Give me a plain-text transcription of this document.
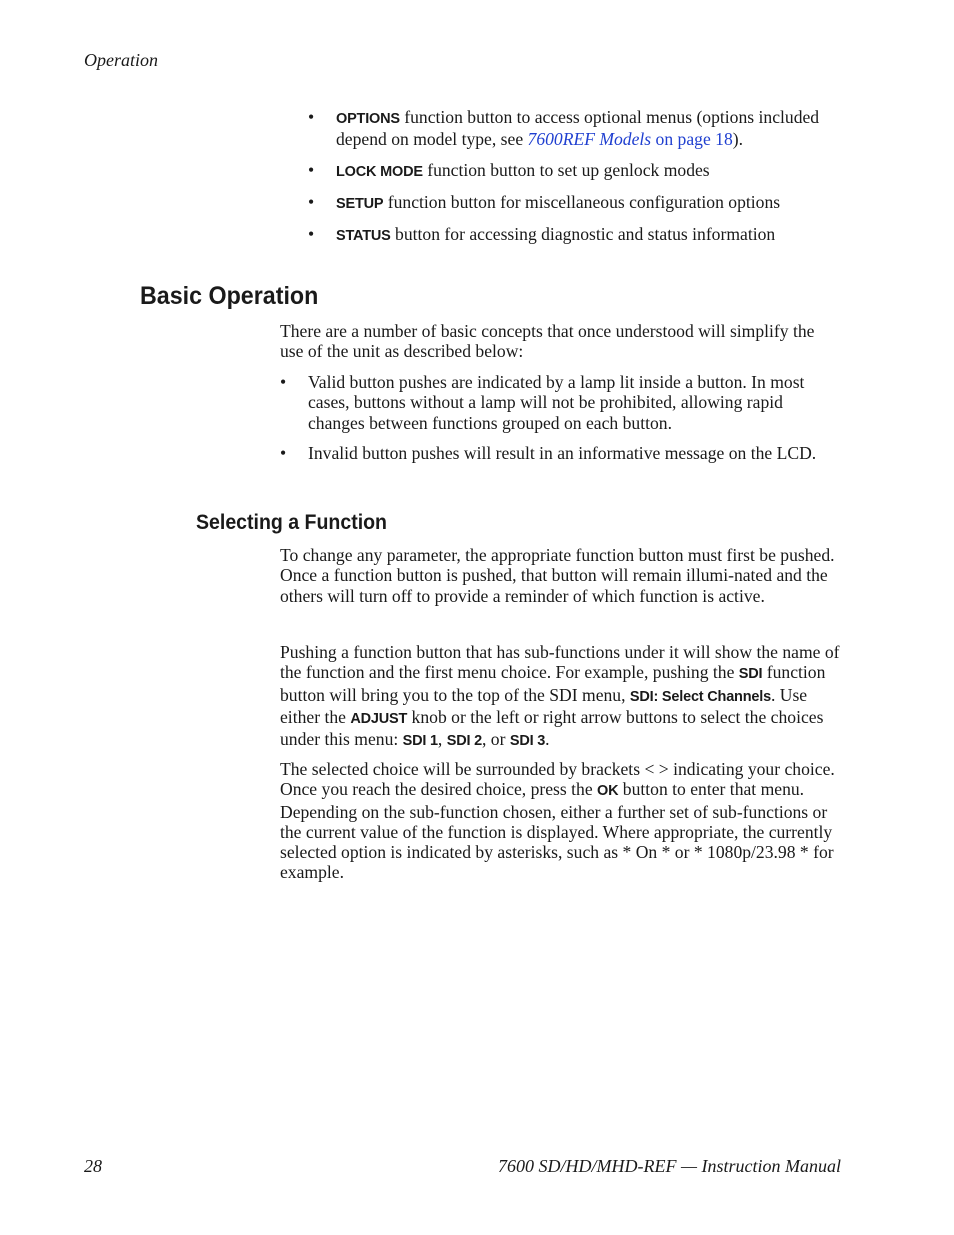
Operation
• OPTIONS function button to access optional menus (options included depend on model type, see 7600REF Models on page 18).
• LOCK MODE function button to set up genlock modes
• SETUP function button for miscellaneous configuration options
• STATUS button for accessing diagnostic and status information
Basic Operation

There are a number of basic concepts that once understood will simplify the use of the unit as described below:

• Valid button pushes are indicated by a lamp lit inside a button. In most cases, buttons without a lamp will not be prohibited, allowing rapid changes between functions grouped on each button.
• Invalid button pushes will result in an informative message on the LCD.
Selecting a Function

To change any parameter, the appropriate function button must first be pushed. Once a function button is pushed, that button will remain illumi-nated and the others will turn off to provide a reminder of which function is active.

Pushing a function button that has sub-functions under it will show the name of the function and the first menu choice. For example, pushing the SDI function button will bring you to the top of the SDI menu, SDI: Select Channels. Use either the ADJUST knob or the left or right arrow buttons to select the choices under this menu: SDI 1, SDI 2, or SDI 3.

The selected choice will be surrounded by brackets < > indicating your choice. Once you reach the desired choice, press the OK button to enter that menu. Depending on the sub-function chosen, either a further set of sub-functions or the current value of the function is displayed. Where appropriate, the currently selected option is indicated by asterisks, such as * On * or * 1080p/23.98 * for example.

28	7600 SD/HD/MHD-REF — Instruction Manual
